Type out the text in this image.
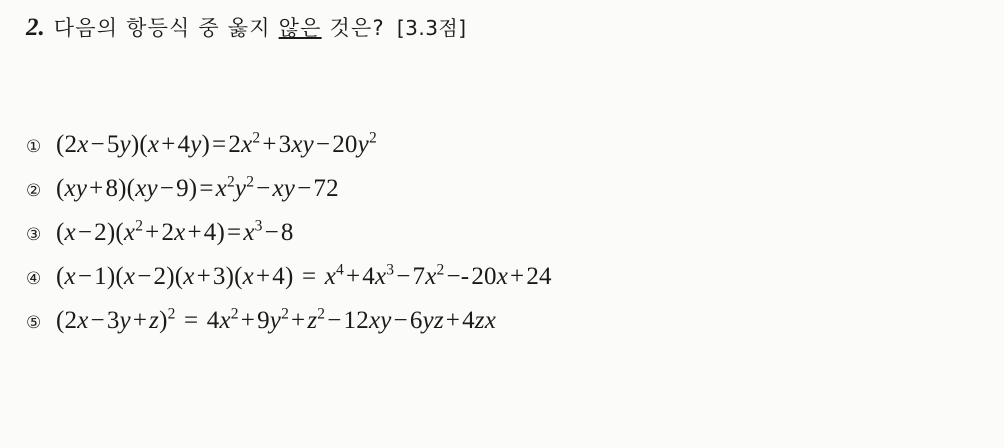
2. 다음의 항등식 중 옳지 않은 것은? [3.3점]
① $(2x-5y)(x+4y)=2x^2+3xy-20y^2$
② $(xy+8)(xy-9)=x^2y^2-xy-72$
③ $(x-2)(x^2+2x+4)=x^3-8$
④ $(x-1)(x-2)(x+3)(x+4) = x^4+4x^3-7x^2--20x+24$
⑤ $(2x-3y+z)^2 = 4x^2+9y^2+z^2-12xy-6yz+4zx$
